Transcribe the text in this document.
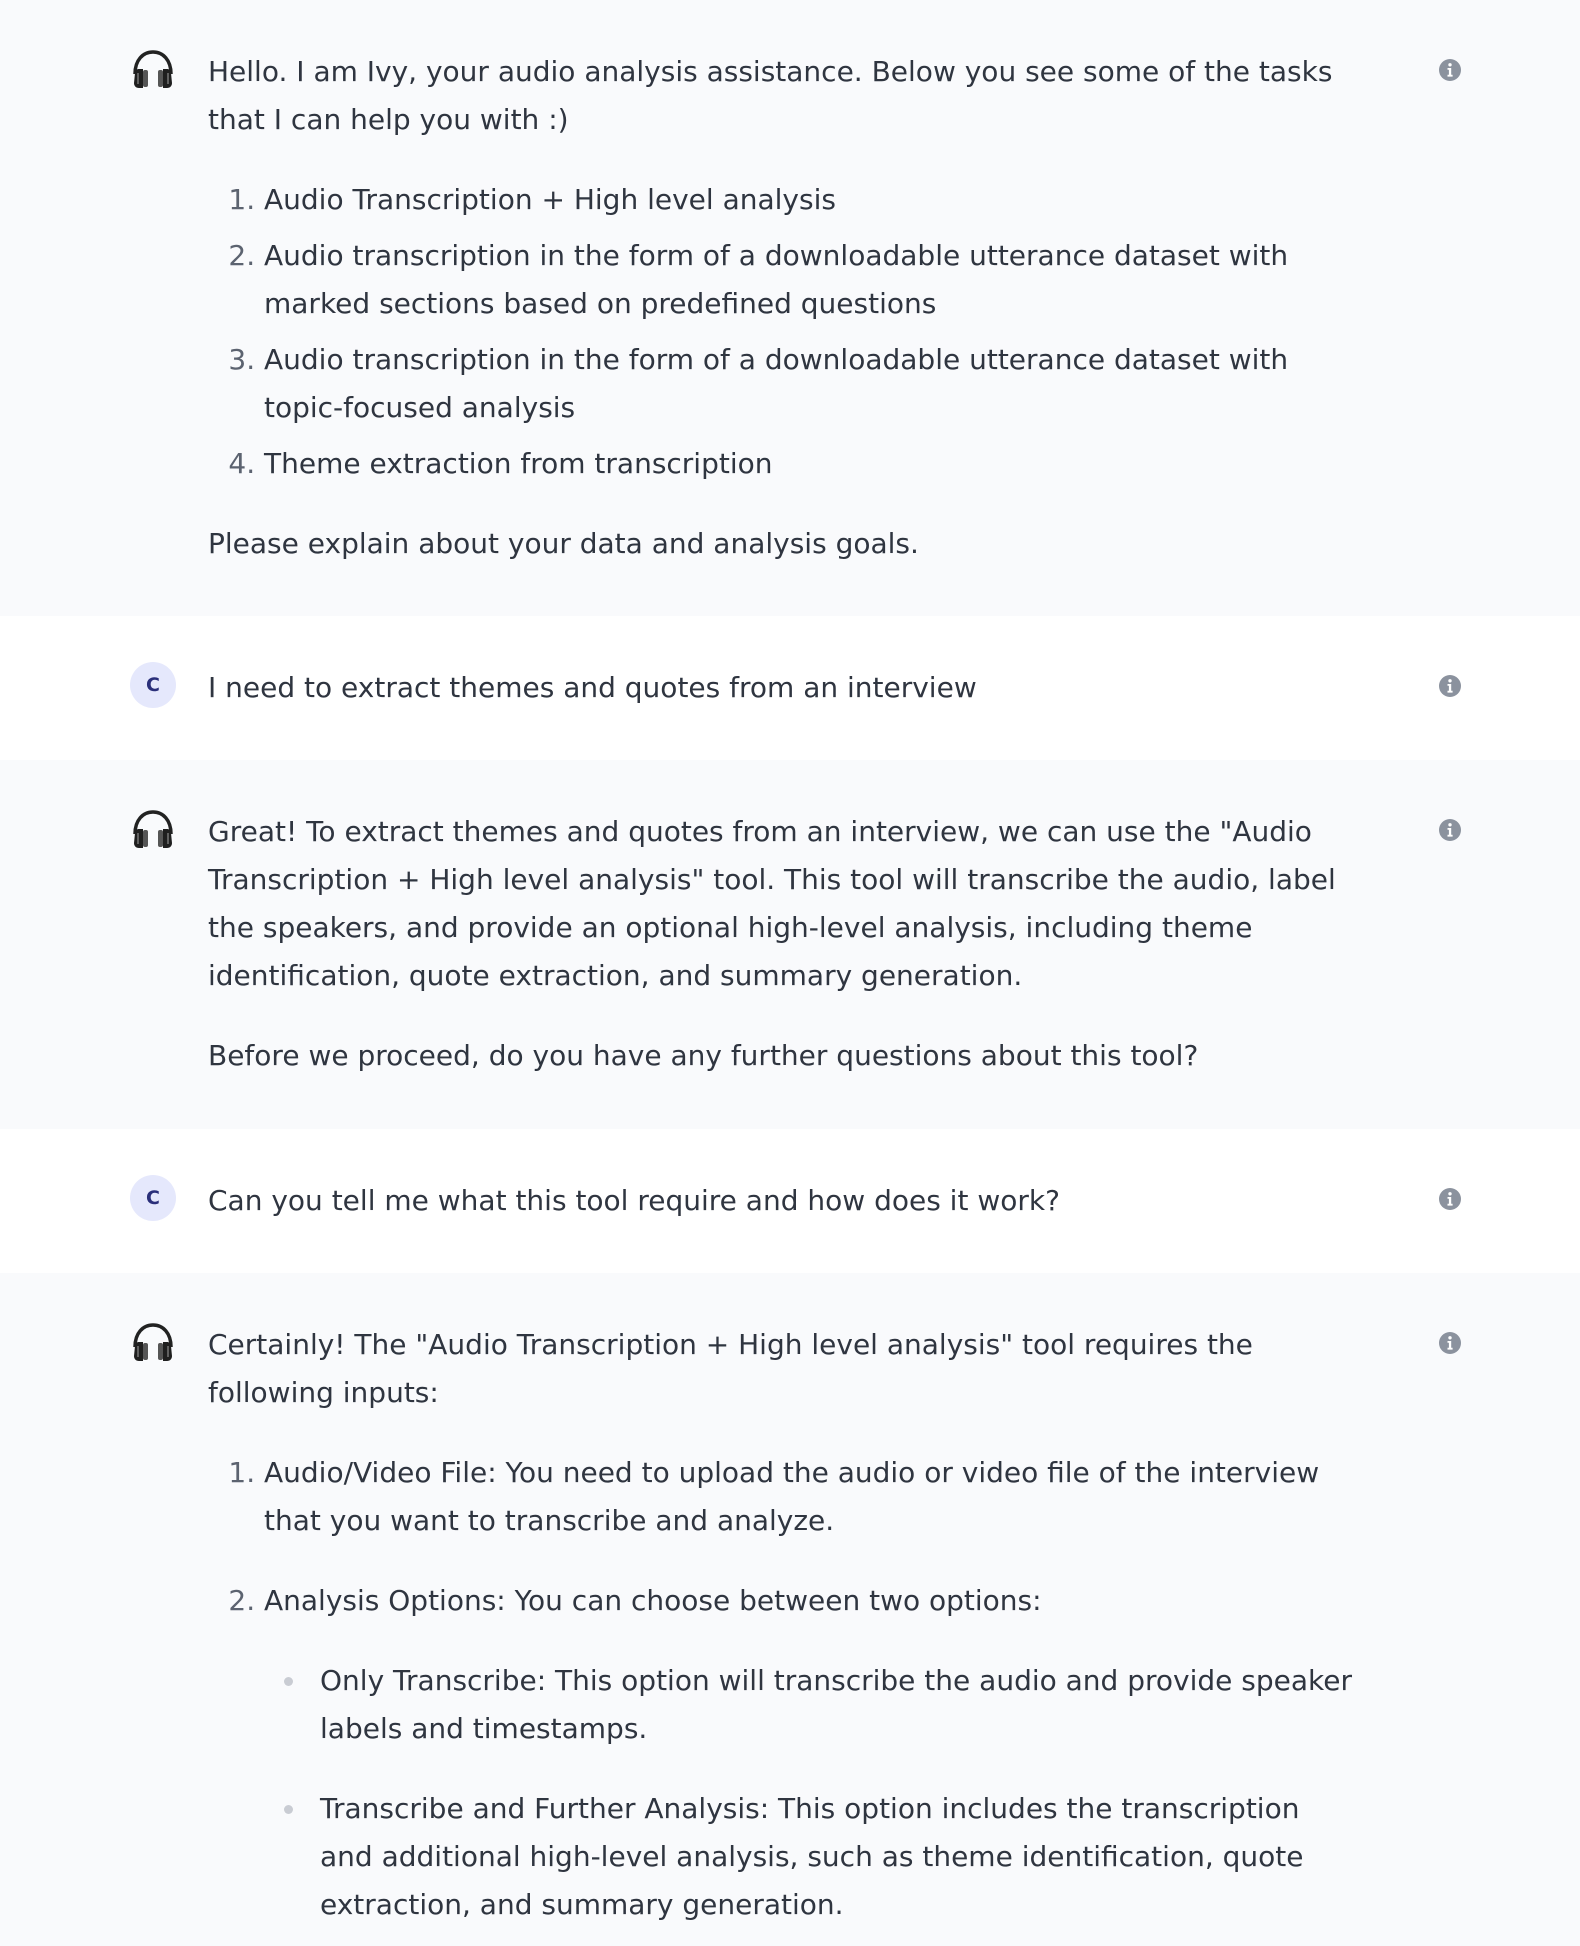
Hello. I am Ivy, your audio analysis assistance. Below you see some of the tasks that I can help you with :)

1. Audio Transcription + High level analysis
2. Audio transcription in the form of a downloadable utterance dataset with marked sections based on predefined questions
3. Audio transcription in the form of a downloadable utterance dataset with topic-focused analysis
4. Theme extraction from transcription

Please explain about your data and analysis goals.

C	I need to extract themes and quotes from an interview

Great! To extract themes and quotes from an interview, we can use the "Audio Transcription + High level analysis" tool. This tool will transcribe the audio, label the speakers, and provide an optional high-level analysis, including theme identification, quote extraction, and summary generation.

Before we proceed, do you have any further questions about this tool?

C	Can you tell me what this tool require and how does it work?

Certainly! The "Audio Transcription + High level analysis" tool requires the following inputs:

1. Audio/Video File: You need to upload the audio or video file of the interview that you want to transcribe and analyze.
2. Analysis Options: You can choose between two options:
Only Transcribe: This option will transcribe the audio and provide speaker labels and timestamps.
Transcribe and Further Analysis: This option includes the transcription and additional high-level analysis, such as theme identification, quote extraction, and summary generation.
